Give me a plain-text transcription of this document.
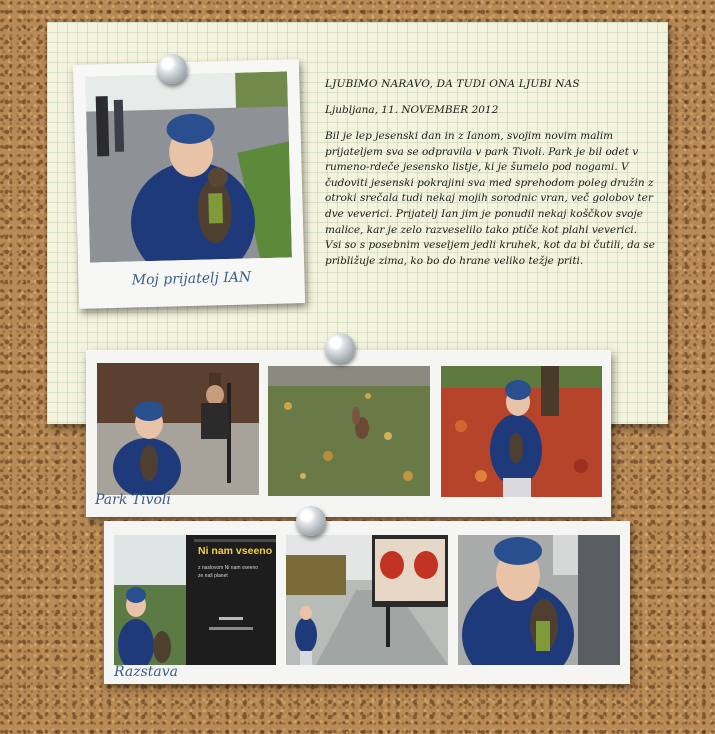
Moj prijatelj IAN
LJUBIMO NARAVO, DA TUDI ONA LJUBI NAS
Ljubljana, 11. NOVEMBER 2012
Bil je lep jesenski dan in z Ianom, svojim novim malim prijateljem sva se odpravila v park Tivoli. Park je bil odet v rumeno-rdeče jesensko listje, ki je šumelo pod nogami. V čudoviti jesenski pokrajini sva med sprehodom poleg družin z otroki srečala tudi nekaj mojih sorodnic vran, več golobov ter dve veverici. Prijatelj Ian jim je ponudil nekaj koščkov svoje malice, kar je zelo razveselilo tako ptiče kot plahi veverici. Vsi so s posebnim veseljem jedli kruhek, kot da bi čutili, da se približuje zima, ko bo do hrane veliko težje priti.
Park Tivoli
Ni nam vseeno
z naslovom Ni nam vseeno
ze naš planet
Razstava
